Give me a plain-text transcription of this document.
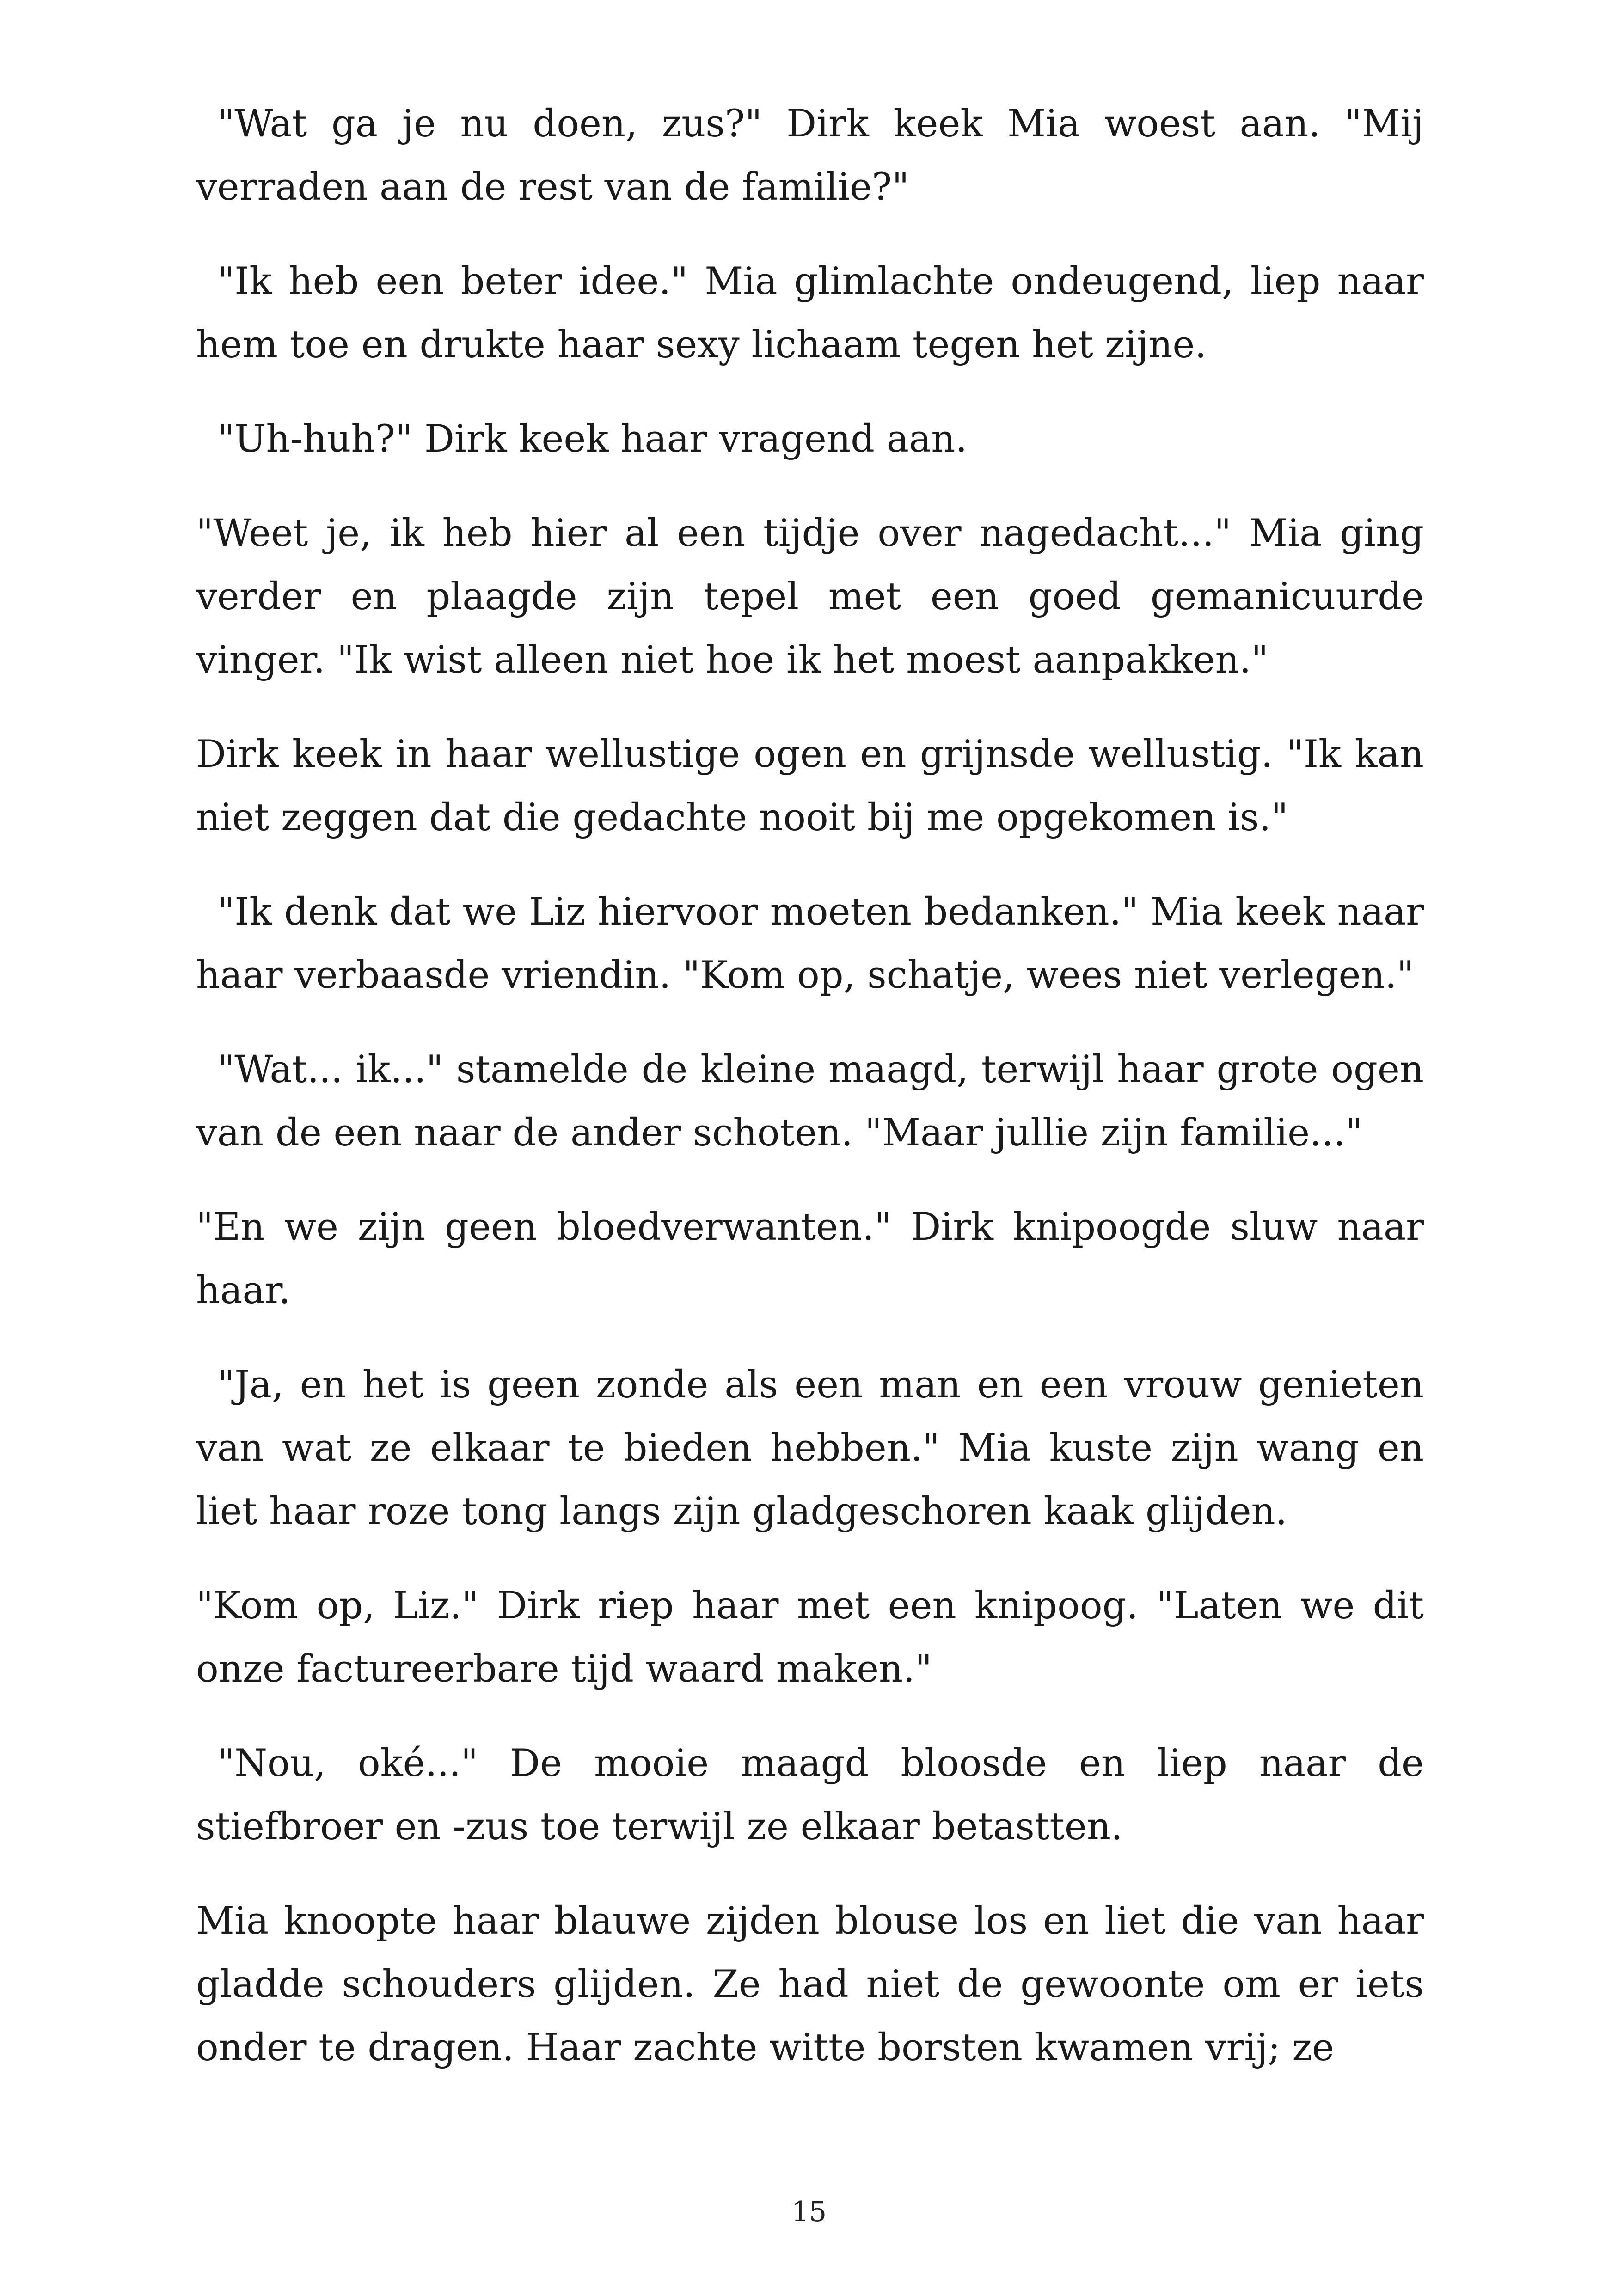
"Wat ga je nu doen, zus?" Dirk keek Mia woest aan. "Mij verraden aan de rest van de familie?"

"Ik heb een beter idee." Mia glimlachte ondeugend, liep naar hem toe en drukte haar sexy lichaam tegen het zijne.

"Uh-huh?" Dirk keek haar vragend aan.

"Weet je, ik heb hier al een tijdje over nagedacht..." Mia ging verder en plaagde zijn tepel met een goed gemanicuurde vinger. "Ik wist alleen niet hoe ik het moest aanpakken."

Dirk keek in haar wellustige ogen en grijnsde wellustig. "Ik kan niet zeggen dat die gedachte nooit bij me opgekomen is."

"Ik denk dat we Liz hiervoor moeten bedanken." Mia keek naar haar verbaasde vriendin. "Kom op, schatje, wees niet verlegen."

"Wat... ik..." stamelde de kleine maagd, terwijl haar grote ogen van de een naar de ander schoten. "Maar jullie zijn familie..."

"En we zijn geen bloedverwanten." Dirk knipoogde sluw naar haar.

"Ja, en het is geen zonde als een man en een vrouw genieten van wat ze elkaar te bieden hebben." Mia kuste zijn wang en liet haar roze tong langs zijn gladgeschoren kaak glijden.

"Kom op, Liz." Dirk riep haar met een knipoog. "Laten we dit onze factureerbare tijd waard maken."

"Nou, oké..." De mooie maagd bloosde en liep naar de stiefbroer en -zus toe terwijl ze elkaar betastten.

Mia knoopte haar blauwe zijden blouse los en liet die van haar gladde schouders glijden. Ze had niet de gewoonte om er iets onder te dragen. Haar zachte witte borsten kwamen vrij; ze

15
